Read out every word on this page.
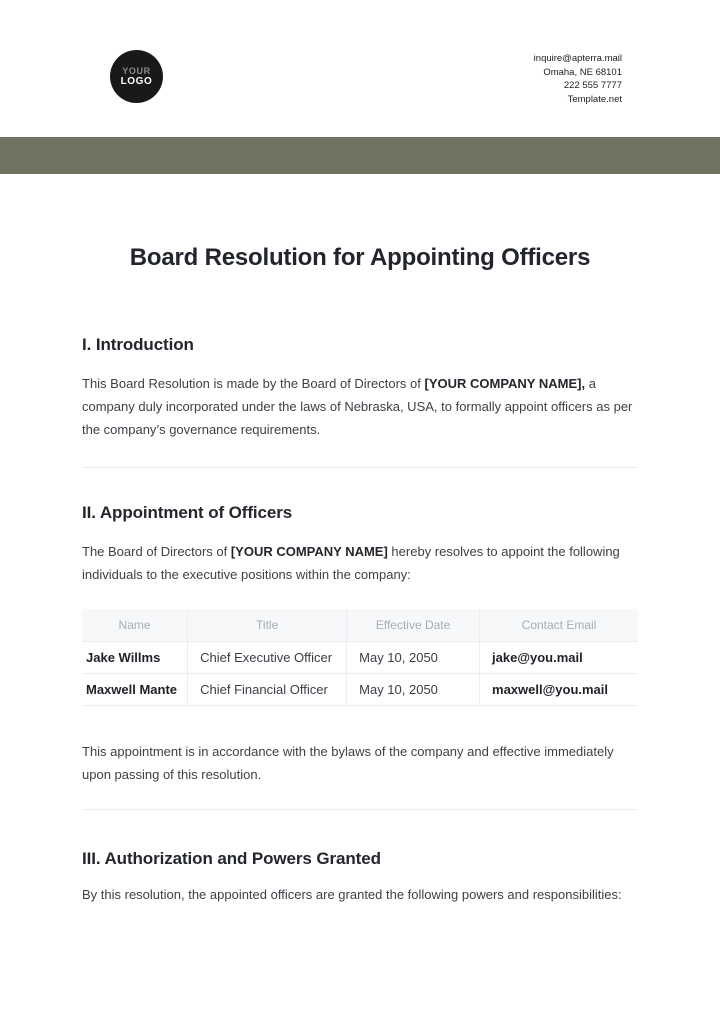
YOUR
LOGO
inquire@apterra.mail
Omaha, NE 68101
222 555 7777
Template.net
Board Resolution for Appointing Officers
I. Introduction

This Board Resolution is made by the Board of Directors of [YOUR COMPANY NAME], a company duly incorporated under the laws of Nebraska, USA, to formally appoint officers as per the company’s governance requirements.

II. Appointment of Officers

The Board of Directors of [YOUR COMPANY NAME] hereby resolves to appoint the following individuals to the executive positions within the company:

Name	Title	Effective Date	Contact Email
Jake Willms	Chief Executive Officer	May 10, 2050	jake@you.mail
Maxwell Mante	Chief Financial Officer	May 10, 2050	maxwell@you.mail

This appointment is in accordance with the bylaws of the company and effective immediately upon passing of this resolution.

III. Authorization and Powers Granted

By this resolution, the appointed officers are granted the following powers and responsibilities:
